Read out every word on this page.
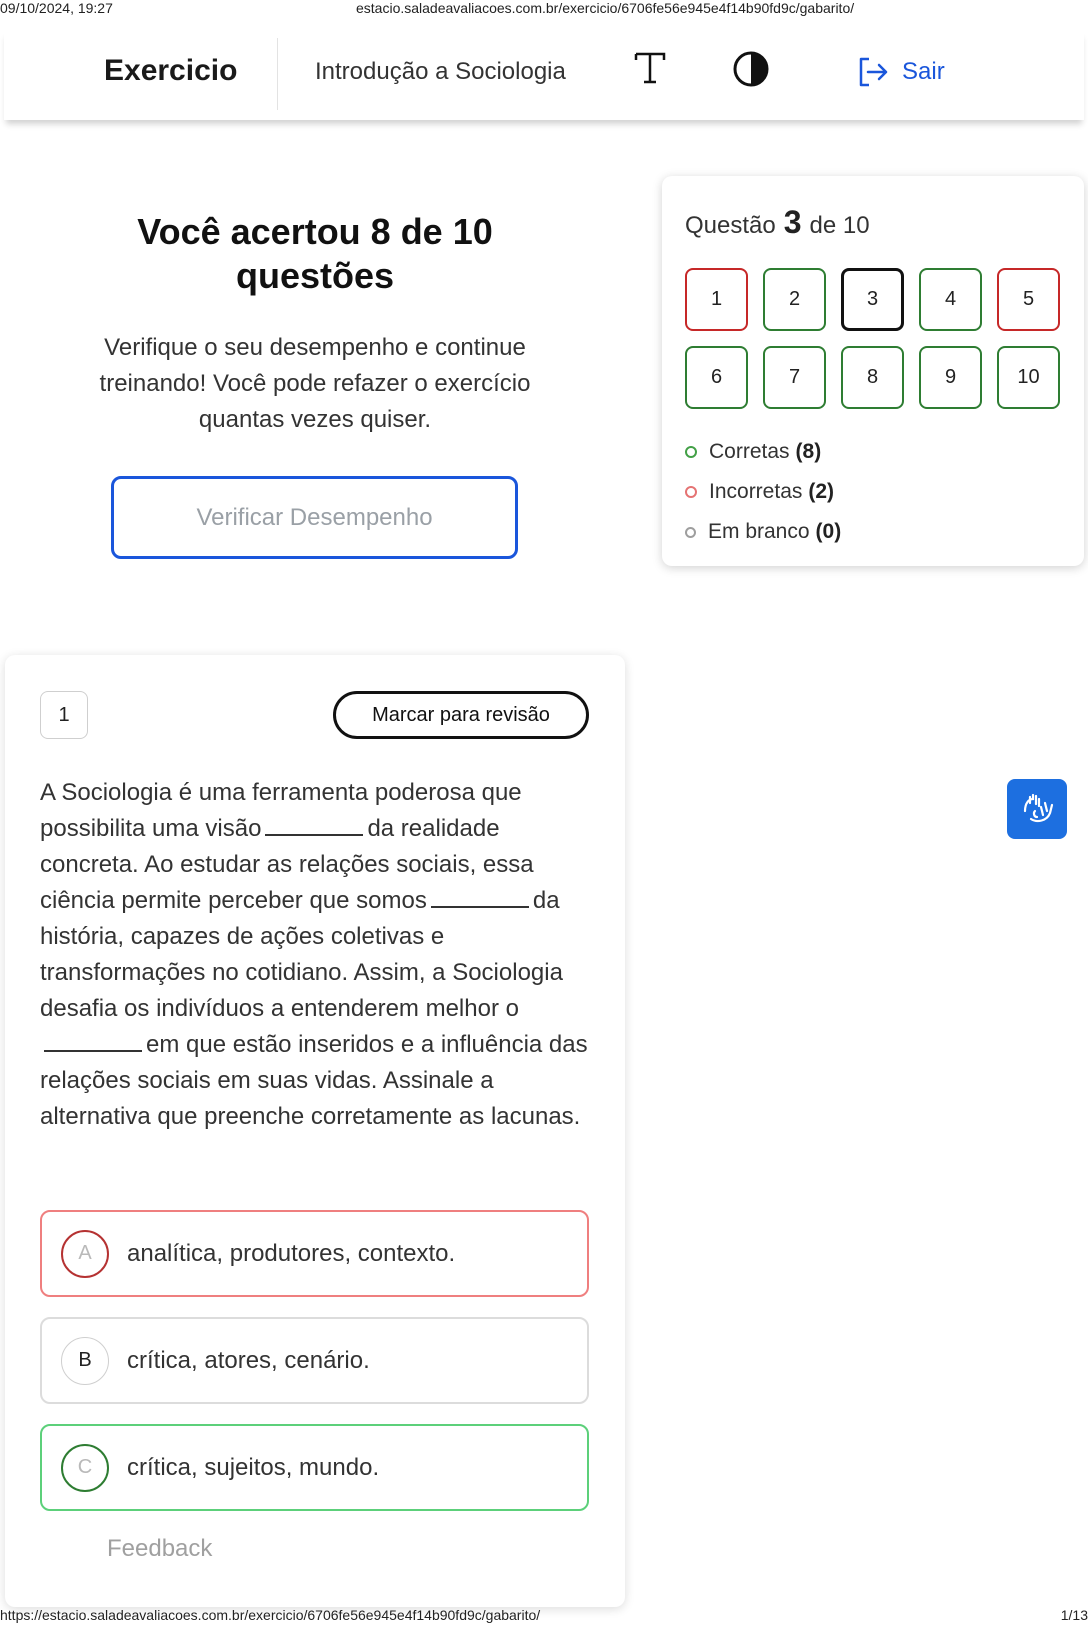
09/10/2024, 19:27	estacio.saladeavaliacoes.com.br/exercicio/6706fe56e945e4f14b90fd9c/gabarito/
Exercicio	Introdução a Sociologia	Sair
Você acertou 8 de 10 questões
Verifique o seu desempenho e continue treinando! Você pode refazer o exercício quantas vezes quiser.
Verificar Desempenho
Questão 3 de 10
1	2	3	4	5
6	7	8	9	10
Corretas (8)
Incorretas (2)
Em branco (0)
1	Marcar para revisão
A Sociologia é uma ferramenta poderosa que possibilita uma visão	da realidade concreta. Ao estudar as relações sociais, essa ciência permite perceber que somos	da história, capazes de ações coletivas e transformações no cotidiano. Assim, a Sociologia desafia os indivíduos a entenderem melhor oem que estão inseridos e a influência das relações sociais em suas vidas. Assinale a alternativa que preenche corretamente as lacunas.
A	analítica, produtores, contexto.
B	crítica, atores, cenário.
C	crítica, sujeitos, mundo.
Feedback
https://estacio.saladeavaliacoes.com.br/exercicio/6706fe56e945e4f14b90fd9c/gabarito/	1/13
